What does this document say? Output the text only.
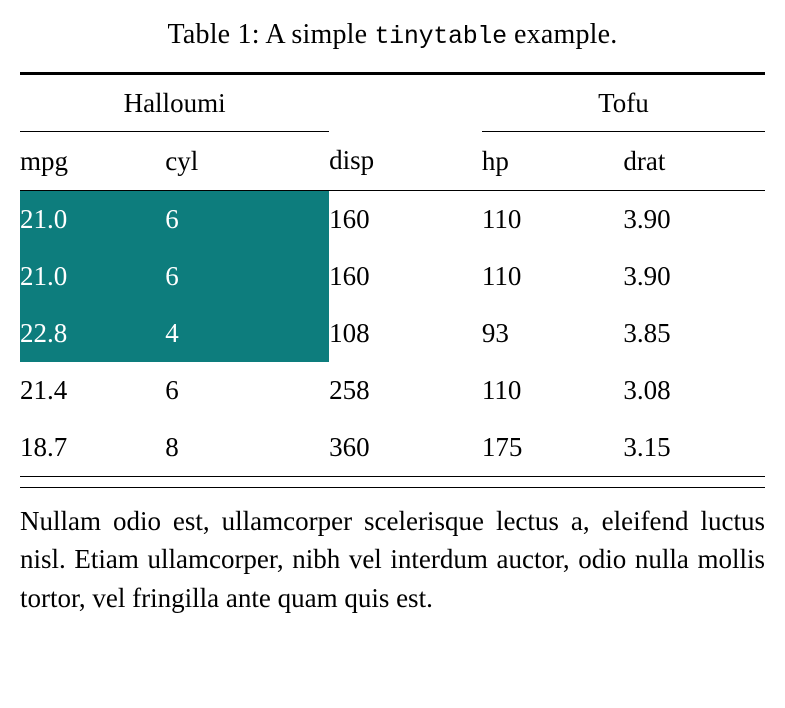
Table 1: A simple tinytable example.
Halloumi			Tofu	
mpg	cyl	disp	hp	drat
21.0	6	160	110	3.90
21.0	6	160	110	3.90
22.8	4	108	93	3.85
21.4	6	258	110	3.08
18.7	8	360	175	3.15

Nullam odio est, ullamcorper scelerisque lectus a, eleifend luctus nisl. Etiam ullamcorper, nibh vel interdum auctor, odio nulla mollis tortor, vel fringilla ante quam quis est.
